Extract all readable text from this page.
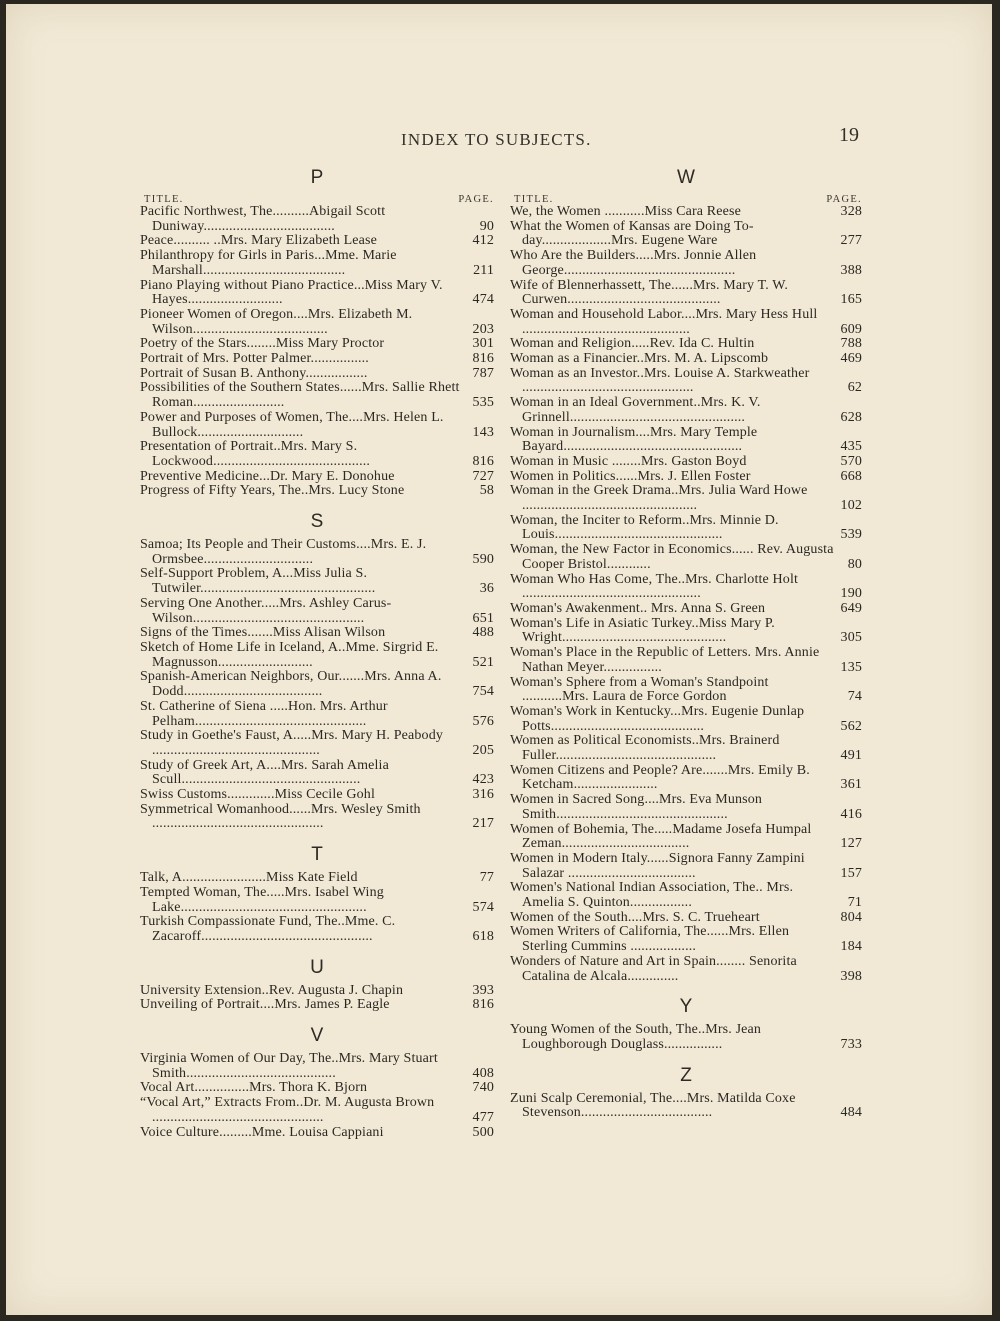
INDEX TO SUBJECTS.	19
P
TITLE.	PAGE.
Pacific Northwest, The..........Abigail Scott Duniway....................................	90
Peace.......... ..Mrs. Mary Elizabeth Lease	412
Philanthropy for Girls in Paris...Mme. Marie Marshall.......................................	211
Piano Playing without Piano Practice...Miss Mary V. Hayes..........................	474
Pioneer Women of Oregon....Mrs. Elizabeth M. Wilson.....................................	203
Poetry of the Stars........Miss Mary Proctor	301
Portrait of Mrs. Potter Palmer................	816
Portrait of Susan B. Anthony.................	787
Possibilities of the Southern States......Mrs. Sallie Rhett Roman.........................	535
Power and Purposes of Women, The....Mrs. Helen L. Bullock.............................	143
Presentation of Portrait..Mrs. Mary S. Lockwood...........................................	816
Preventive Medicine...Dr. Mary E. Donohue	727
Progress of Fifty Years, The..Mrs. Lucy Stone	58
S
Samoa; Its People and Their Customs....Mrs. E. J. Ormsbee..............................	590
Self-Support Problem, A...Miss Julia S. Tutwiler................................................	36
Serving One Another.....Mrs. Ashley Carus-Wilson...............................................	651
Signs of the Times.......Miss Alisan Wilson	488
Sketch of Home Life in Iceland, A..Mme. Sirgrid E. Magnusson..........................	521
Spanish-American Neighbors, Our.......Mrs. Anna A. Dodd......................................	754
St. Catherine of Siena .....Hon. Mrs. Arthur Pelham...............................................	576
Study in Goethe's Faust, A.....Mrs. Mary H. Peabody ..............................................	205
Study of Greek Art, A....Mrs. Sarah Amelia Scull.................................................	423
Swiss Customs.............Miss Cecile Gohl	316
Symmetrical Womanhood......Mrs. Wesley Smith ...............................................	217
T
Talk, A.......................Miss Kate Field	77
Tempted Woman, The.....Mrs. Isabel Wing Lake...................................................	574
Turkish Compassionate Fund, The..Mme. C. Zacaroff...............................................	618
U
University Extension..Rev. Augusta J. Chapin	393
Unveiling of Portrait....Mrs. James P. Eagle	816
V
Virginia Women of Our Day, The..Mrs. Mary Stuart Smith.........................................	408
Vocal Art...............Mrs. Thora K. Bjorn	740
“Vocal Art,” Extracts From..Dr. M. Augusta Brown ...............................................	477
Voice Culture.........Mme. Louisa Cappiani	500
W
TITLE.	PAGE.
We, the Women ...........Miss Cara Reese	328
What the Women of Kansas are Doing To-day...................Mrs. Eugene Ware	277
Who Are the Builders.....Mrs. Jonnie Allen George...............................................	388
Wife of Blennerhassett, The......Mrs. Mary T. W. Curwen..........................................	165
Woman and Household Labor....Mrs. Mary Hess Hull ..............................................	609
Woman and Religion.....Rev. Ida C. Hultin	788
Woman as a Financier..Mrs. M. A. Lipscomb	469
Woman as an Investor..Mrs. Louise A. Starkweather ...............................................	62
Woman in an Ideal Government..Mrs. K. V. Grinnell................................................	628
Woman in Journalism....Mrs. Mary Temple Bayard.................................................	435
Woman in Music ........Mrs. Gaston Boyd	570
Women in Politics......Mrs. J. Ellen Foster	668
Woman in the Greek Drama..Mrs. Julia Ward Howe ................................................	102
Woman, the Inciter to Reform..Mrs. Minnie D. Louis..............................................	539
Woman, the New Factor in Economics...... Rev. Augusta Cooper Bristol............	80
Woman Who Has Come, The..Mrs. Charlotte Holt .................................................	190
Woman's Awakenment.. Mrs. Anna S. Green	649
Woman's Life in Asiatic Turkey..Miss Mary P. Wright.............................................	305
Woman's Place in the Republic of Letters. Mrs. Annie Nathan Meyer................	135
Woman's Sphere from a Woman's Standpoint ...........Mrs. Laura de Force Gordon	74
Woman's Work in Kentucky...Mrs. Eugenie Dunlap Potts..........................................	562
Women as Political Economists..Mrs. Brainerd Fuller............................................	491
Women Citizens and People? Are.......Mrs. Emily B. Ketcham.......................	361
Women in Sacred Song....Mrs. Eva Munson Smith...............................................	416
Women of Bohemia, The.....Madame Josefa Humpal Zeman...................................	127
Women in Modern Italy......Signora Fanny Zampini Salazar ...................................	157
Women's National Indian Association, The.. Mrs. Amelia S. Quinton.................	71
Women of the South....Mrs. S. C. Trueheart	804
Women Writers of California, The......Mrs. Ellen Sterling Cummins ..................	184
Wonders of Nature and Art in Spain........ Senorita Catalina de Alcala..............	398
Y
Young Women of the South, The..Mrs. Jean Loughborough Douglass................	733
Z
Zuni Scalp Ceremonial, The....Mrs. Matilda Coxe Stevenson....................................	484
